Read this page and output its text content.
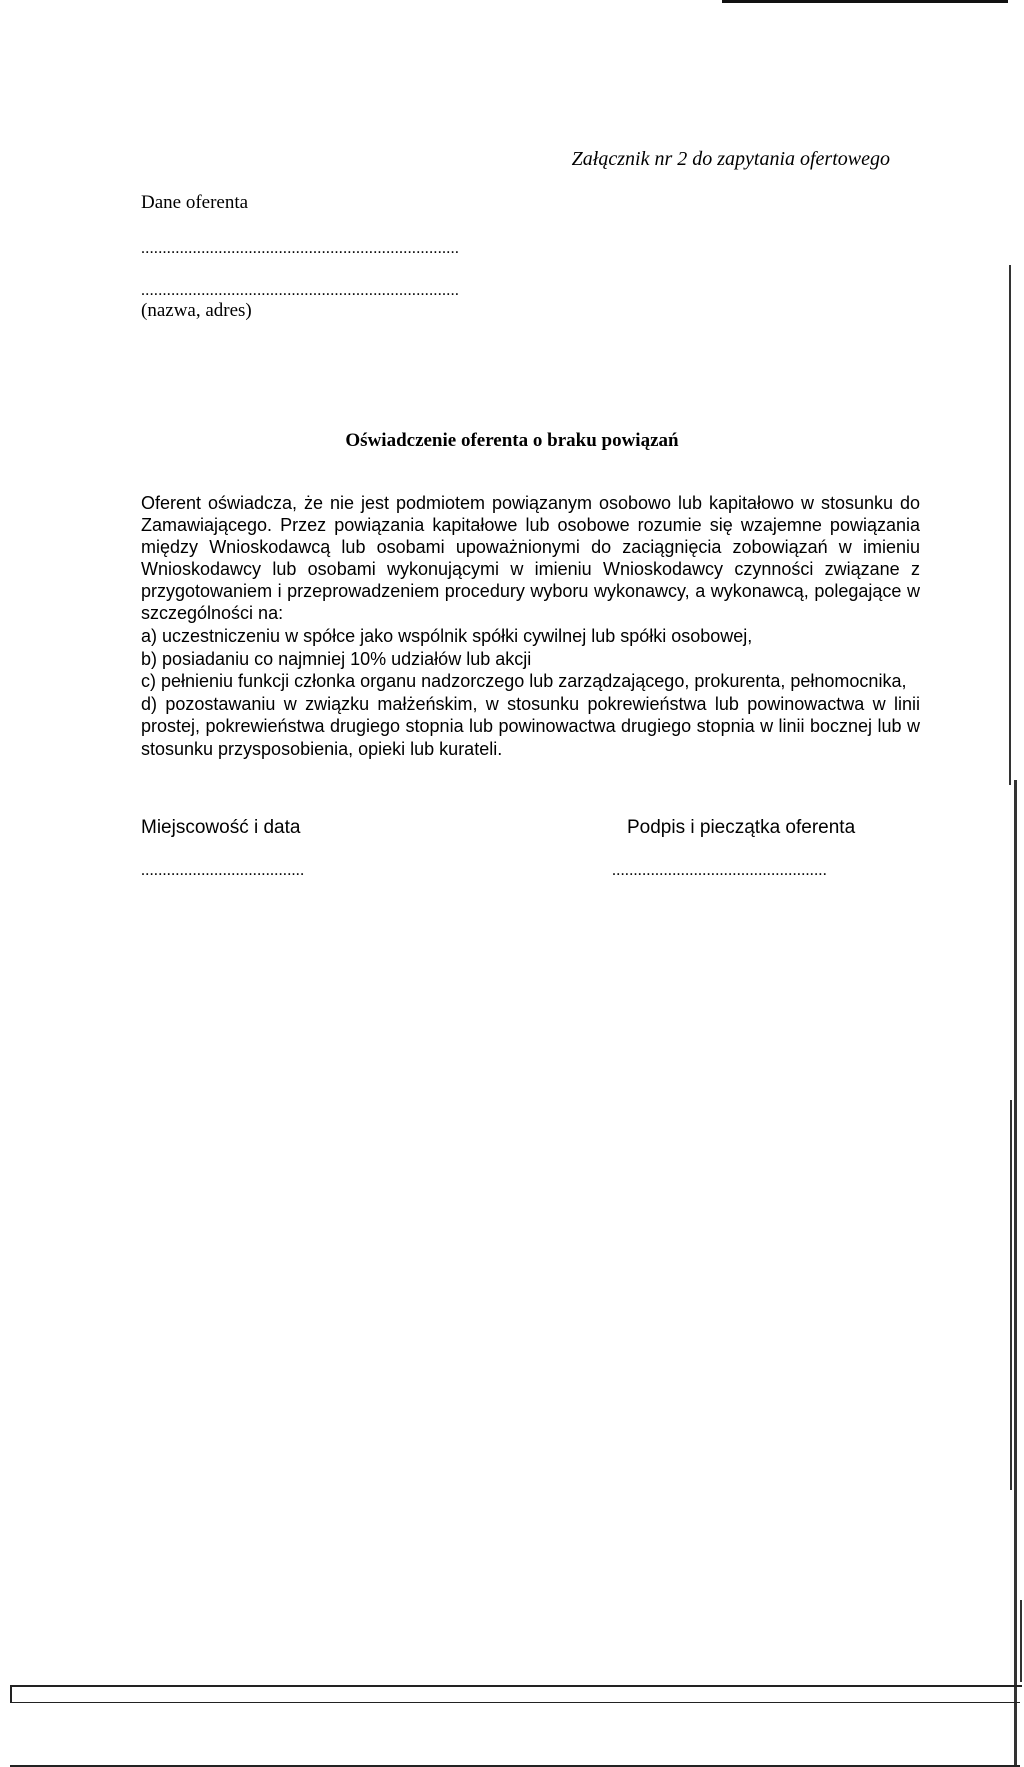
Załącznik nr 2 do zapytania ofertowego
Dane oferenta
..........................................................................
..........................................................................
(nazwa, adres)
Oświadczenie oferenta o braku powiązań
Oferent oświadcza, że nie jest podmiotem powiązanym osobowo lub kapitałowo w stosunku do Zamawiającego. Przez powiązania kapitałowe lub osobowe rozumie się wzajemne powiązania między Wnioskodawcą lub osobami upoważnionymi do zaciągnięcia zobowiązań w imieniu Wnioskodawcy lub osobami wykonującymi w imieniu Wnioskodawcy czynności związane z przygotowaniem i przeprowadzeniem procedury wyboru wykonawcy, a wykonawcą, polegające w szczególności na:
a) uczestniczeniu w spółce jako wspólnik spółki cywilnej lub spółki osobowej,
b) posiadaniu co najmniej 10% udziałów lub akcji
c) pełnieniu funkcji członka organu nadzorczego lub zarządzającego, prokurenta, pełnomocnika,
d) pozostawaniu w związku małżeńskim, w stosunku pokrewieństwa lub powinowactwa w linii prostej, pokrewieństwa drugiego stopnia lub powinowactwa drugiego stopnia w linii bocznej lub w stosunku przysposobienia, opieki lub kurateli.
Miejscowość i data	Podpis i pieczątka oferenta
......................................	..................................................
